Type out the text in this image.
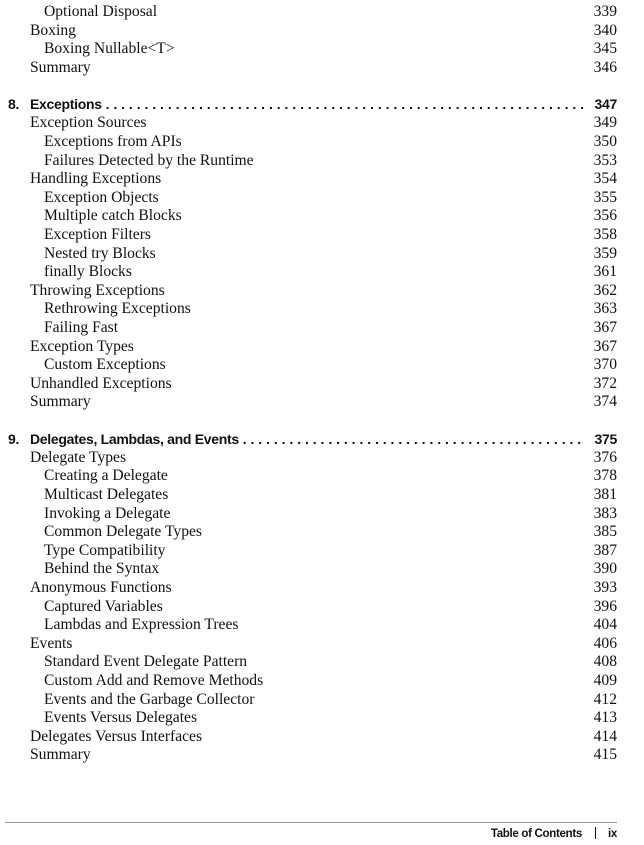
Optional Disposal	339
Boxing	340
Boxing Nullable<T>	345
Summary	346
8. Exceptions . . .	347
Exception Sources	349
Exceptions from APIs	350
Failures Detected by the Runtime	353
Handling Exceptions	354
Exception Objects	355
Multiple catch Blocks	356
Exception Filters	358
Nested try Blocks	359
finally Blocks	361
Throwing Exceptions	362
Rethrowing Exceptions	363
Failing Fast	367
Exception Types	367
Custom Exceptions	370
Unhandled Exceptions	372
Summary	374
9. Delegates, Lambdas, and Events . . .	375
Delegate Types	376
Creating a Delegate	378
Multicast Delegates	381
Invoking a Delegate	383
Common Delegate Types	385
Type Compatibility	387
Behind the Syntax	390
Anonymous Functions	393
Captured Variables	396
Lambdas and Expression Trees	404
Events	406
Standard Event Delegate Pattern	408
Custom Add and Remove Methods	409
Events and the Garbage Collector	412
Events Versus Delegates	413
Delegates Versus Interfaces	414
Summary	415
Table of Contents ix
